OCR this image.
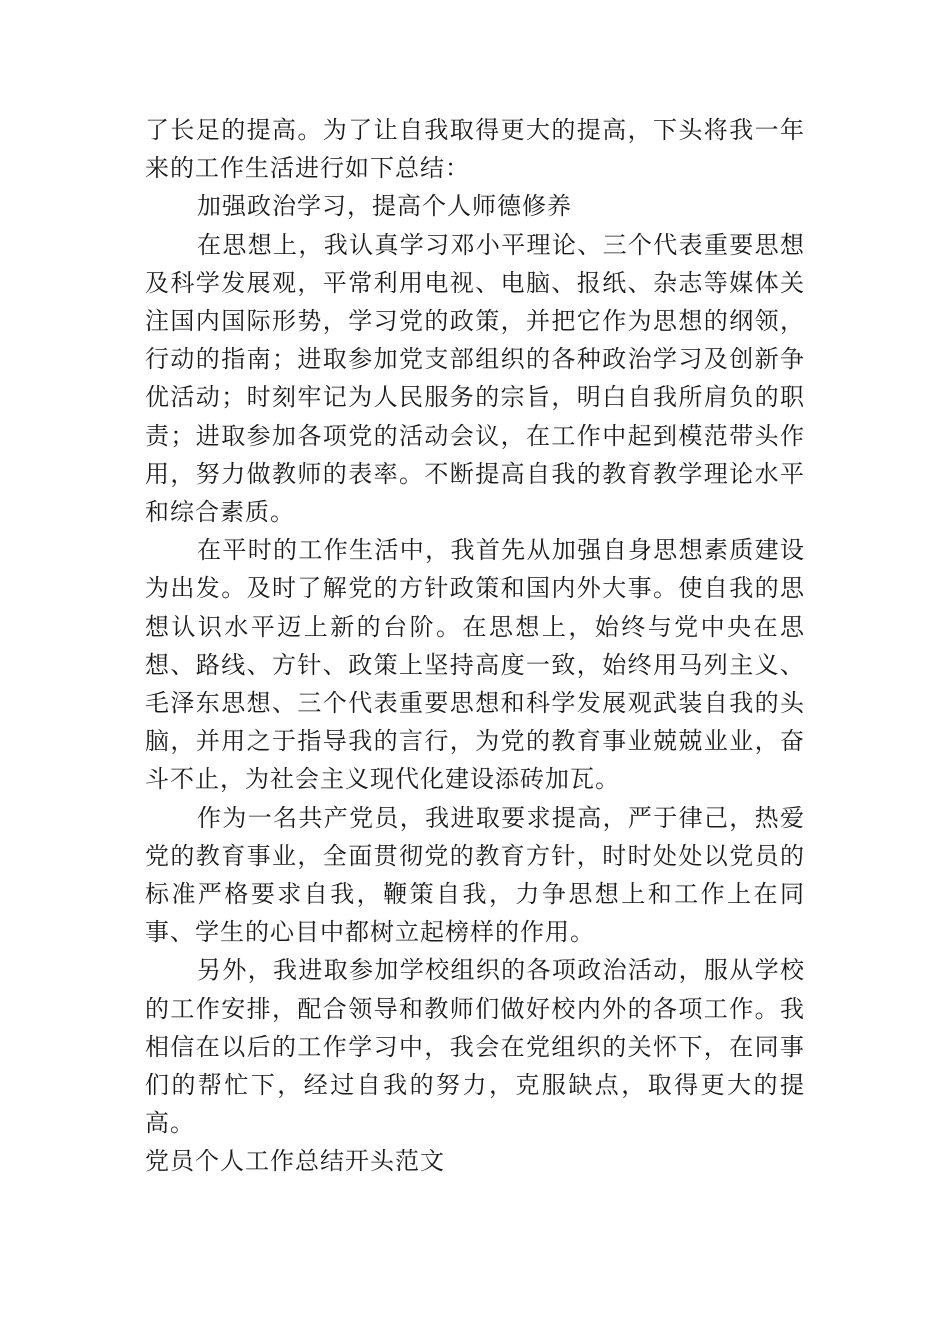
了长足的提高。为了让自我取得更大的提高，下头将我一年来的工作生活进行如下总结：

加强政治学习，提高个人师德修养

在思想上，我认真学习邓小平理论、三个代表重要思想及科学发展观，平常利用电视、电脑、报纸、杂志等媒体关注国内国际形势，学习党的政策，并把它作为思想的纲领，行动的指南；进取参加党支部组织的各种政治学习及创新争优活动；时刻牢记为人民服务的宗旨，明白自我所肩负的职责；进取参加各项党的活动会议，在工作中起到模范带头作用，努力做教师的表率。不断提高自我的教育教学理论水平和综合素质。

在平时的工作生活中，我首先从加强自身思想素质建设为出发。及时了解党的方针政策和国内外大事。使自我的思想认识水平迈上新的台阶。在思想上，始终与党中央在思想、路线、方针、政策上坚持高度一致，始终用马列主义、毛泽东思想、三个代表重要思想和科学发展观武装自我的头脑，并用之于指导我的言行，为党的教育事业兢兢业业，奋斗不止，为社会主义现代化建设添砖加瓦。

作为一名共产党员，我进取要求提高，严于律己，热爱党的教育事业，全面贯彻党的教育方针，时时处处以党员的标准严格要求自我，鞭策自我，力争思想上和工作上在同事、学生的心目中都树立起榜样的作用。

另外，我进取参加学校组织的各项政治活动，服从学校的工作安排，配合领导和教师们做好校内外的各项工作。我相信在以后的工作学习中，我会在党组织的关怀下，在同事们的帮忙下，经过自我的努力，克服缺点，取得更大的提高。

党员个人工作总结开头范文
